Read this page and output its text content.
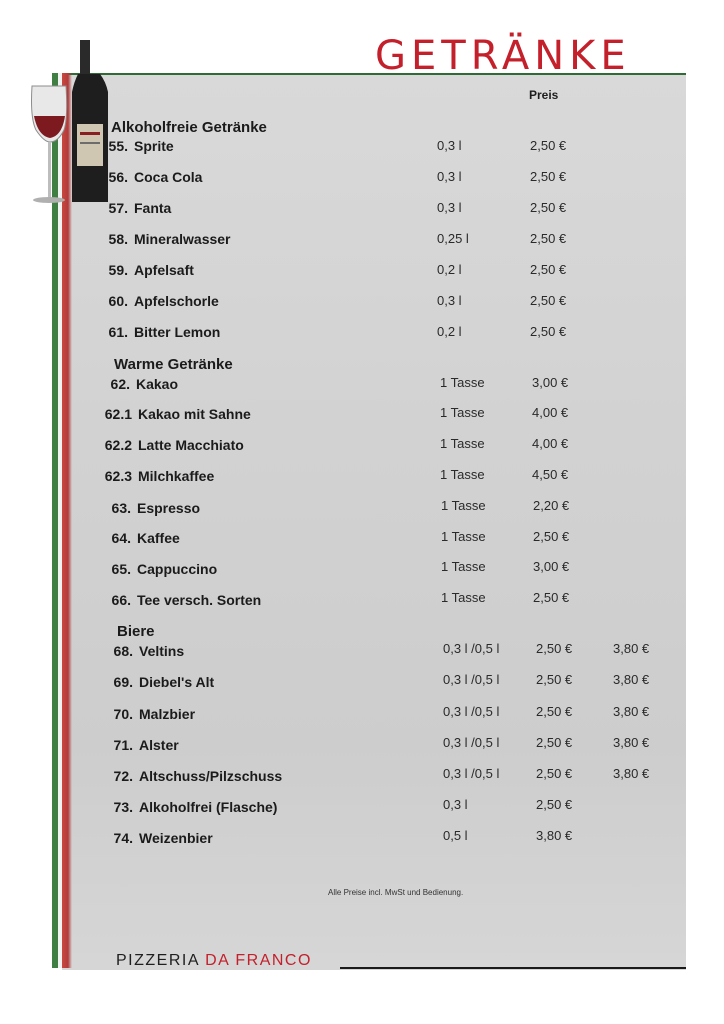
GETRÄNKE
Preis
Alkoholfreie Getränke
55. Sprite	0,3 l	2,50 €
56. Coca Cola	0,3 l	2,50 €
57. Fanta	0,3 l	2,50 €
58. Mineralwasser	0,25 l	2,50 €
59. Apfelsaft	0,2 l	2,50 €
60. Apfelschorle	0,3 l	2,50 €
61. Bitter Lemon	0,2 l	2,50 €
Warme Getränke
62. Kakao	1 Tasse	3,00 €
62.1 Kakao mit Sahne	1 Tasse	4,00 €
62.2 Latte Macchiato	1 Tasse	4,00 €
62.3 Milchkaffee	1 Tasse	4,50 €
63. Espresso	1 Tasse	2,20 €
64. Kaffee	1 Tasse	2,50 €
65. Cappuccino	1 Tasse	3,00 €
66. Tee versch. Sorten	1 Tasse	2,50 €
Biere
68. Veltins	0,3 l /0,5 l	2,50 €	3,80 €
69. Diebel's Alt	0,3 l /0,5 l	2,50 €	3,80 €
70. Malzbier	0,3 l /0,5 l	2,50 €	3,80 €
71. Alster	0,3 l /0,5 l	2,50 €	3,80 €
72. Altschuss/Pilzschuss	0,3 l /0,5 l	2,50 €	3,80 €
73. Alkoholfrei (Flasche)	0,3 l	2,50 €
74. Weizenbier	0,5 l	3,80 €
Alle Preise incl. MwSt und Bedienung.
PIZZERIA DA FRANCO
